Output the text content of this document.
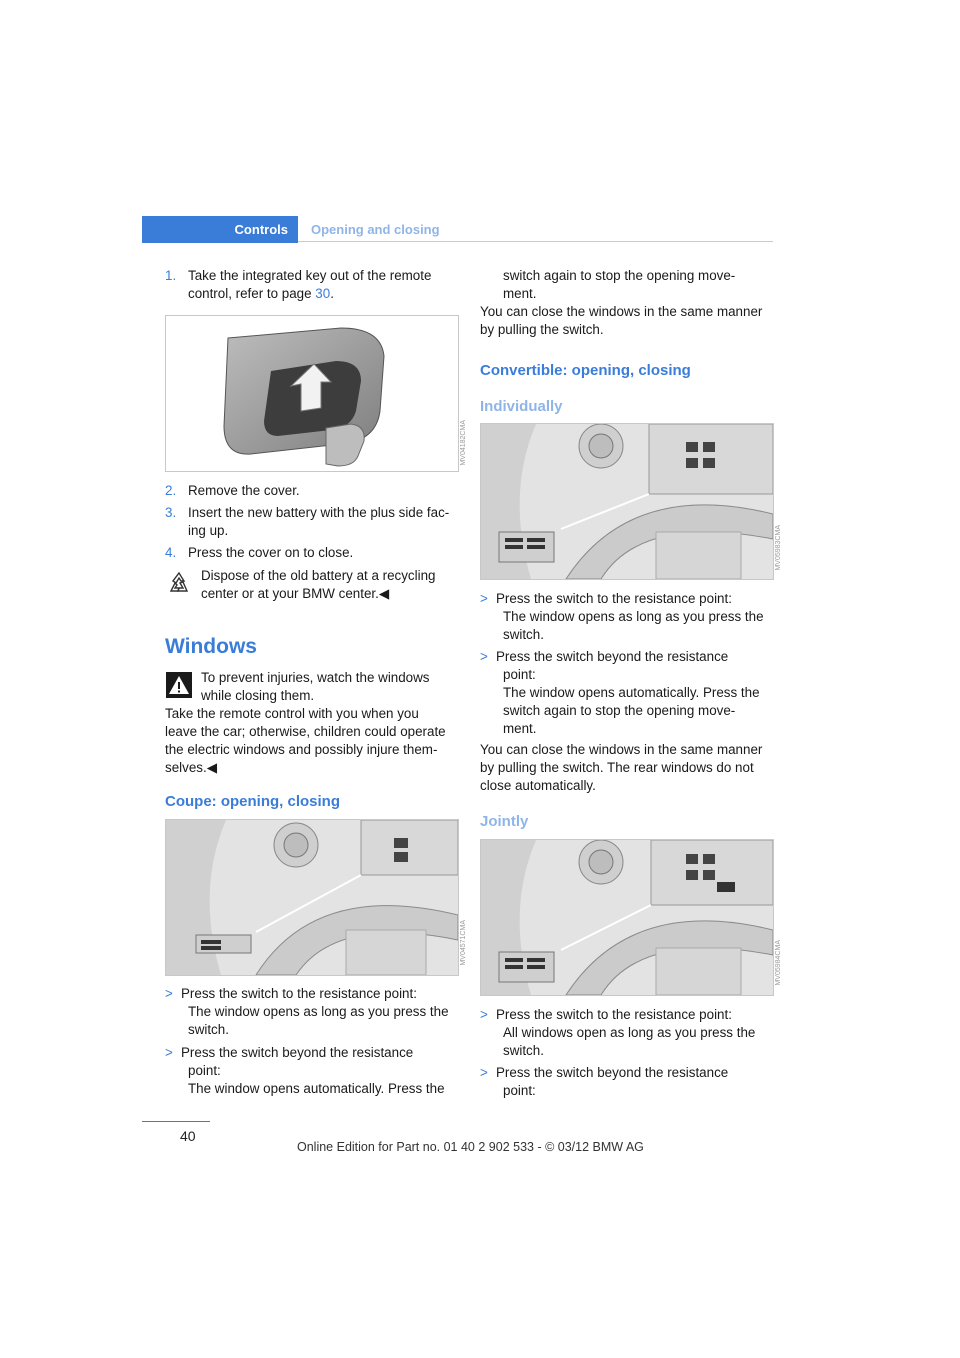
Controls Opening and closing
1. Take the integrated key out of the remote
control, refer to page 30.
MV04182CMA
2. Remove the cover.
3. Insert the new battery with the plus side fac-
ing up.
4. Press the cover on to close.
Dispose of the old battery at a recycling
center or at your BMW center.◀
Windows
To prevent injuries, watch the windows
while closing them.
Take the remote control with you when you
leave the car; otherwise, children could operate
the electric windows and possibly injure them-
selves.◀
Coupe: opening, closing
MV04571CMA
> Press the switch to the resistance point:
The window opens as long as you press the
switch.
> Press the switch beyond the resistance
point:
The window opens automatically. Press the
switch again to stop the opening move-
ment.
You can close the windows in the same manner
by pulling the switch.
Convertible: opening, closing
Individually
MV05983CMA
> Press the switch to the resistance point:
The window opens as long as you press the
switch.
> Press the switch beyond the resistance
point:
The window opens automatically. Press the
switch again to stop the opening move-
ment.
You can close the windows in the same manner
by pulling the switch. The rear windows do not
close automatically.
Jointly
MV05984CMA
> Press the switch to the resistance point:
All windows open as long as you press the
switch.
> Press the switch beyond the resistance
point:
40
Online Edition for Part no. 01 40 2 902 533 - © 03/12 BMW AG
